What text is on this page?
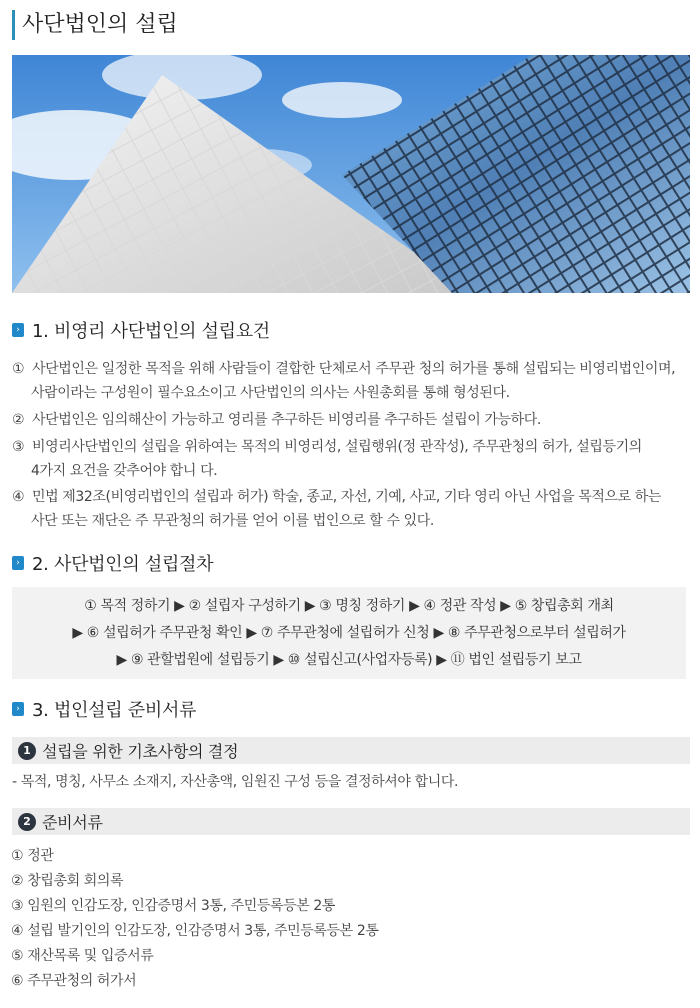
사단법인의 설립
› 1. 비영리 사단법인의 설립요건
① 사단법인은 일정한 목적을 위해 사람들이 결합한 단체로서 주무관 청의 허가를 통해 설립되는 비영리법인이며,
사람이라는 구성원이 필수요소이고 사단법인의 의사는 사원총회를 통해 형성된다.
② 사단법인은 임의해산이 가능하고 영리를 추구하든 비영리를 추구하든 설립이 가능하다.
③ 비영리사단법인의 설립을 위하여는 목적의 비영리성, 설립행위(정 관작성), 주무관청의 허가, 설립등기의
4가지 요건을 갖추어야 합니 다.
④ 민법 제32조(비영리법인의 설립과 허가) 학술, 종교, 자선, 기예, 사교, 기타 영리 아닌 사업을 목적으로 하는
사단 또는 재단은 주 무관청의 허가를 얻어 이를 법인으로 할 수 있다.
› 2. 사단법인의 설립절차
① 목적 정하기 ▶ ② 설립자 구성하기 ▶ ③ 명칭 정하기 ▶ ④ 정관 작성 ▶ ⑤ 창립총회 개최
▶ ⑥ 설립허가 주무관청 확인 ▶ ⑦ 주무관청에 설립허가 신청 ▶ ⑧ 주무관청으로부터 설립허가
▶ ⑨ 관할법원에 설립등기 ▶ ⑩ 설립신고(사업자등록) ▶ ⑪ 법인 설립등기 보고
› 3. 법인설립 준비서류
1 설립을 위한 기초사항의 결정
- 목적, 명칭, 사무소 소재지, 자산총액, 임원진 구성 등을 결정하셔야 합니다.
2 준비서류
① 정관
② 창립총회 회의록
③ 임원의 인감도장, 인감증명서 3통, 주민등록등본 2통
④ 설립 발기인의 인감도장, 인감증명서 3통, 주민등록등본 2통
⑤ 재산목록 및 입증서류
⑥ 주무관청의 허가서
